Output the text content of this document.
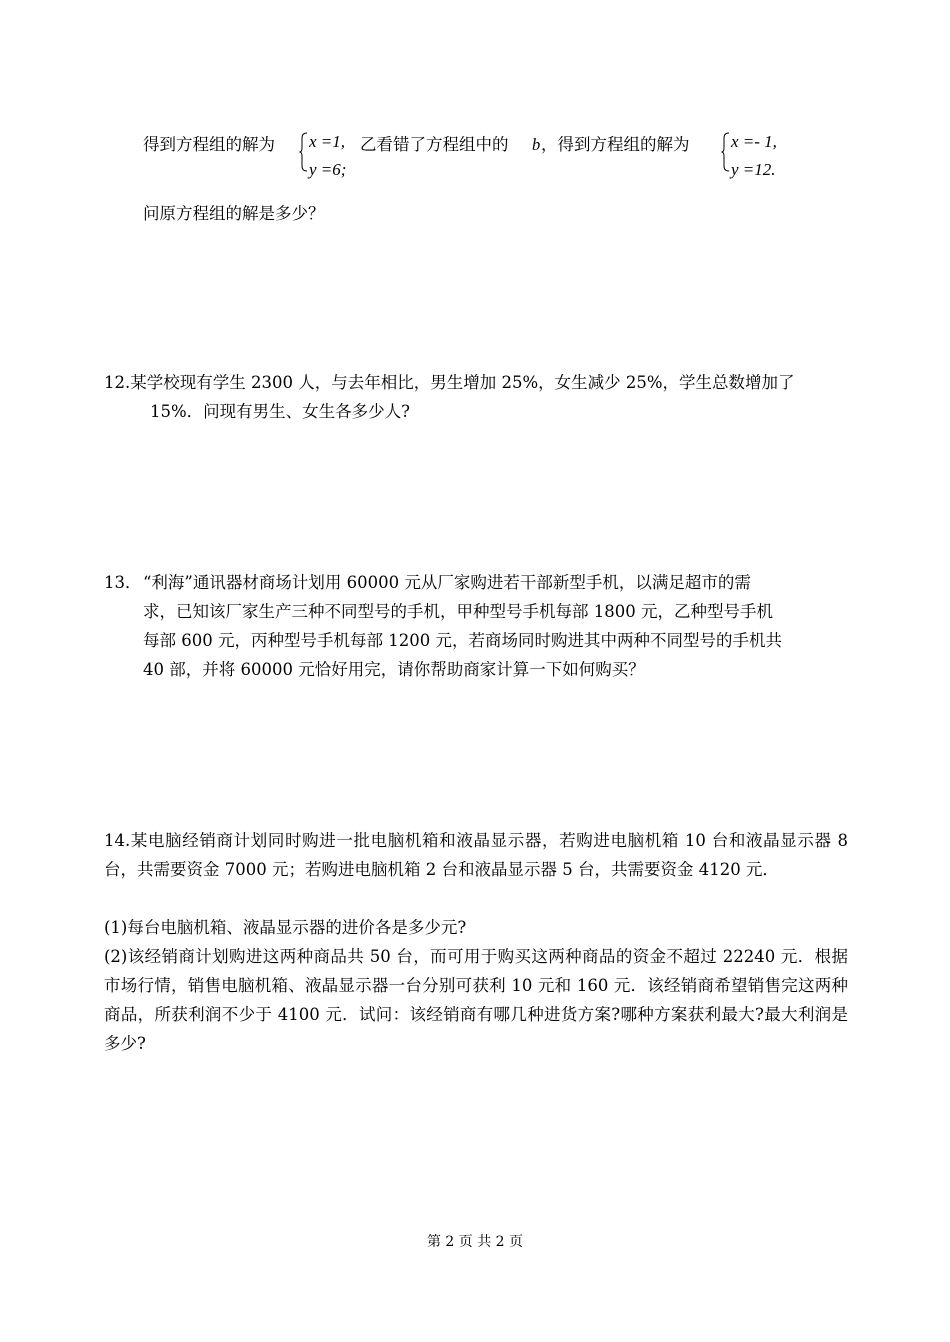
得到方程组的解为 x =1,
y =6;
乙看错了方程组中的 b ，得到方程组的解为 x =- 1,
y =12.
问原方程组的解是多少？
12.某学校现有学生 2300 人，与去年相比，男生增加 25%，女生减少 25%，学生总数增加了
15%．问现有男生、女生各多少人?
13． “利海”通讯器材商场计划用 60000 元从厂家购进若干部新型手机，以满足超市的需
求，已知该厂家生产三种不同型号的手机，甲种型号手机每部 1800 元，乙种型号手机
每部 600 元，丙种型号手机每部 1200 元，若商场同时购进其中两种不同型号的手机共
40 部，并将 60000 元恰好用完，请你帮助商家计算一下如何购买？
14.某电脑经销商计划同时购进一批电脑机箱和液晶显示器，若购进电脑机箱 10 台和液晶显示器 8 台，共需要资金 7000 元；若购进电脑机箱 2 台和液晶显示器 5 台，共需要资金 4120 元．
(1)每台电脑机箱、液晶显示器的进价各是多少元?
(2)该经销商计划购进这两种商品共 50 台，而可用于购买这两种商品的资金不超过 22240 元．根据市场行情，销售电脑机箱、液晶显示器一台分别可获利 10 元和 160 元．该经销商希望销售完这两种商品，所获利润不少于 4100 元．试问：该经销商有哪几种进货方案?哪种方案获利最大?最大利润是多少?
第 2 页 共 2 页
